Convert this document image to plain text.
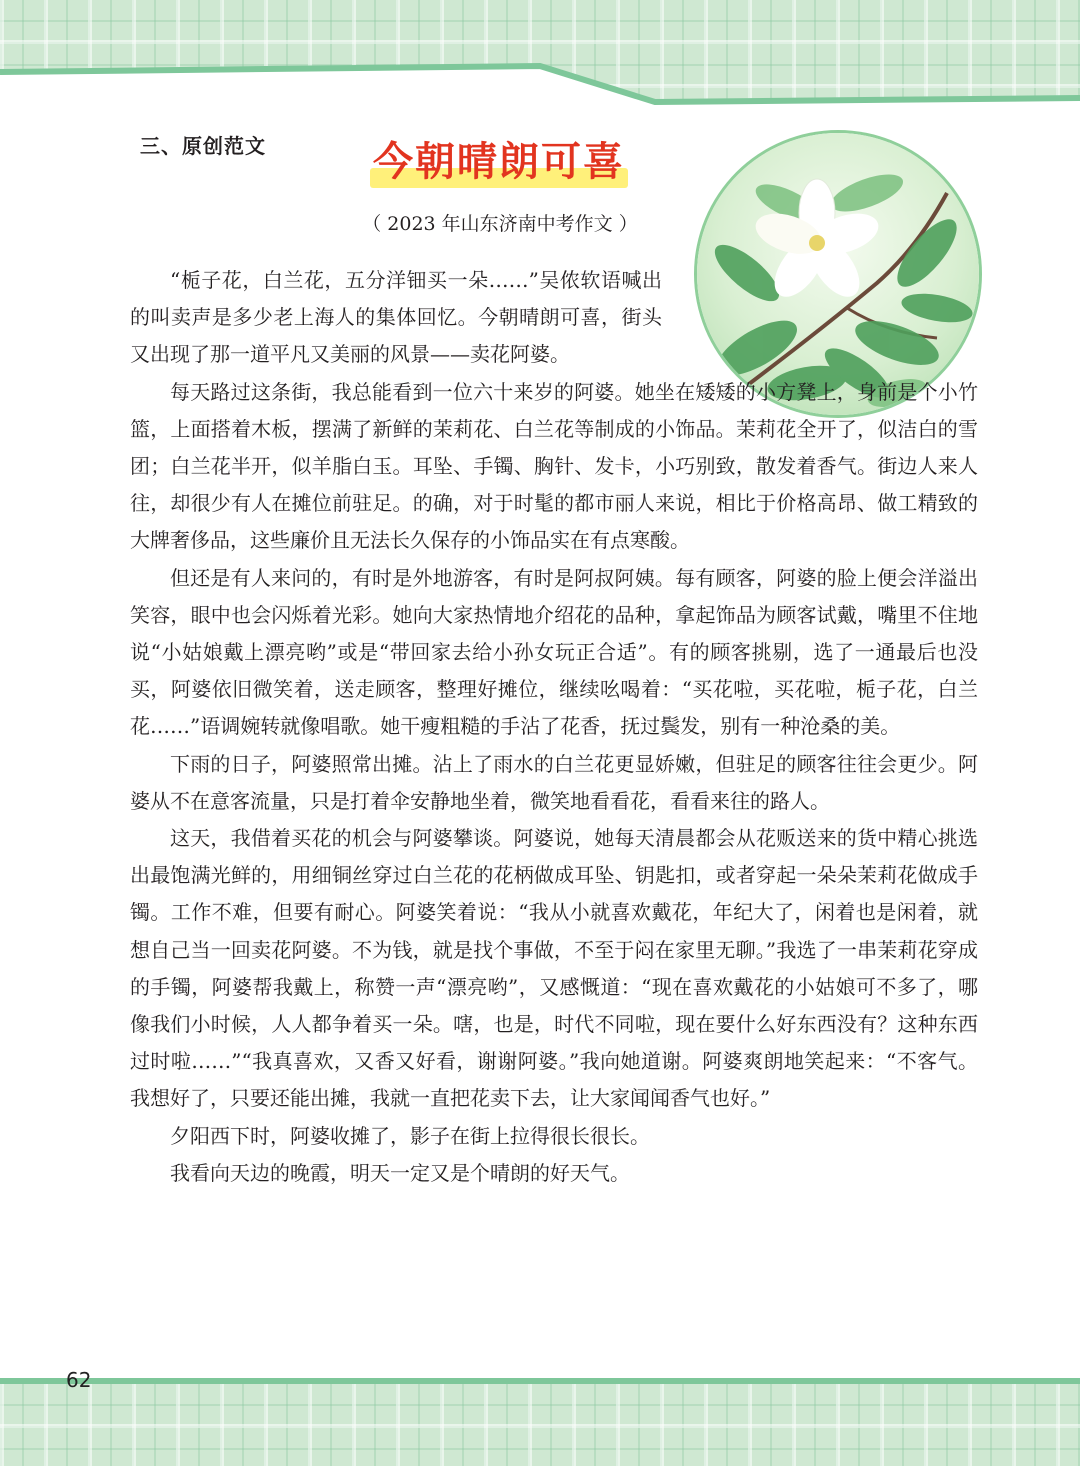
三、原创范文	今朝晴朗可喜
（ 2023 年山东济南中考作文 ）

“栀子花，白兰花，五分洋钿买一朵……”吴侬软语喊出的叫卖声是多少老上海人的集体回忆。今朝晴朗可喜，街头又出现了那一道平凡又美丽的风景——卖花阿婆。

每天路过这条街，我总能看到一位六十来岁的阿婆。她坐在矮矮的小方凳上，身前是个小竹篮，上面搭着木板，摆满了新鲜的茉莉花、白兰花等制成的小饰品。茉莉花全开了，似洁白的雪团；白兰花半开，似羊脂白玉。耳坠、手镯、胸针、发卡，小巧别致，散发着香气。街边人来人往，却很少有人在摊位前驻足。的确，对于时髦的都市丽人来说，相比于价格高昂、做工精致的大牌奢侈品，这些廉价且无法长久保存的小饰品实在有点寒酸。

但还是有人来问的，有时是外地游客，有时是阿叔阿姨。每有顾客，阿婆的脸上便会洋溢出笑容，眼中也会闪烁着光彩。她向大家热情地介绍花的品种，拿起饰品为顾客试戴，嘴里不住地说“小姑娘戴上漂亮哟”或是“带回家去给小孙女玩正合适”。有的顾客挑剔，选了一通最后也没买，阿婆依旧微笑着，送走顾客，整理好摊位，继续吆喝着：“买花啦，买花啦，栀子花，白兰花……”语调婉转就像唱歌。她干瘦粗糙的手沾了花香，抚过鬓发，别有一种沧桑的美。

下雨的日子，阿婆照常出摊。沾上了雨水的白兰花更显娇嫩，但驻足的顾客往往会更少。阿婆从不在意客流量，只是打着伞安静地坐着，微笑地看看花，看看来往的路人。

这天，我借着买花的机会与阿婆攀谈。阿婆说，她每天清晨都会从花贩送来的货中精心挑选出最饱满光鲜的，用细铜丝穿过白兰花的花柄做成耳坠、钥匙扣，或者穿起一朵朵茉莉花做成手镯。工作不难，但要有耐心。阿婆笑着说：“我从小就喜欢戴花，年纪大了，闲着也是闲着，就想自己当一回卖花阿婆。不为钱，就是找个事做，不至于闷在家里无聊。”我选了一串茉莉花穿成的手镯，阿婆帮我戴上，称赞一声“漂亮哟”，又感慨道：“现在喜欢戴花的小姑娘可不多了，哪像我们小时候，人人都争着买一朵。嗐，也是，时代不同啦，现在要什么好东西没有？这种东西过时啦……”“我真喜欢，又香又好看，谢谢阿婆。”我向她道谢。阿婆爽朗地笑起来：“不客气。我想好了，只要还能出摊，我就一直把花卖下去，让大家闻闻香气也好。”

夕阳西下时，阿婆收摊了，影子在街上拉得很长很长。

我看向天边的晚霞，明天一定又是个晴朗的好天气。

62
